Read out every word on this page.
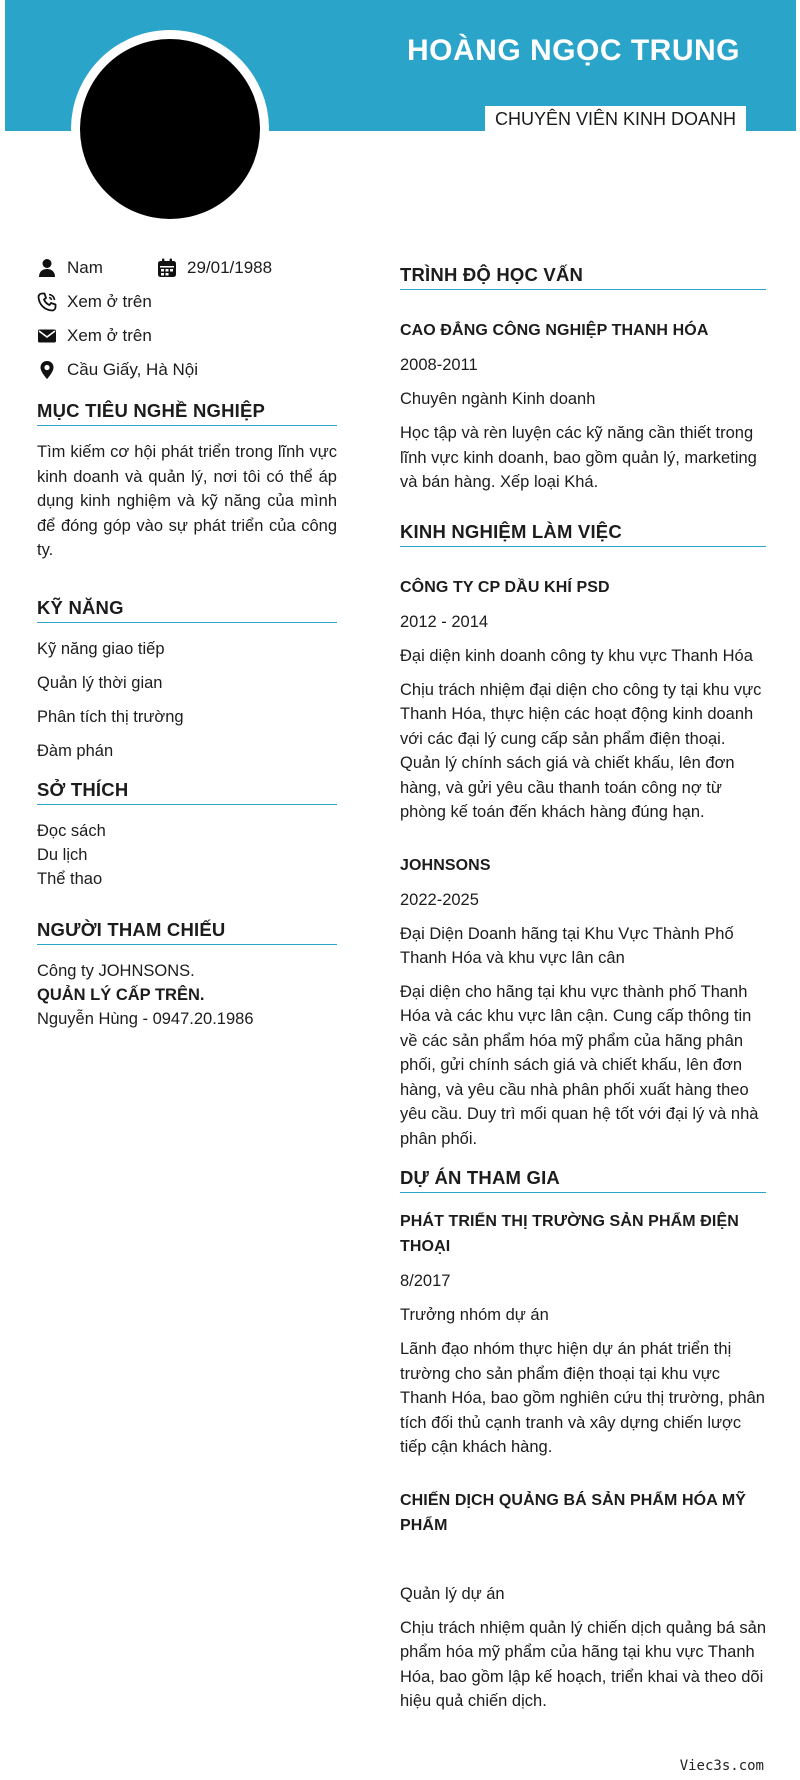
HOÀNG NGỌC TRUNG
CHUYÊN VIÊN KINH DOANH
Nam	29/01/1988
Xem ở trên
Xem ở trên
Cầu Giấy, Hà Nội
MỤC TIÊU NGHỀ NGHIỆP
Tìm kiếm cơ hội phát triển trong lĩnh vực kinh doanh và quản lý, nơi tôi có thể áp dụng kinh nghiệm và kỹ năng của mình để đóng góp vào sự phát triển của công ty.
KỸ NĂNG
Kỹ năng giao tiếp
Quản lý thời gian
Phân tích thị trường
Đàm phán
SỞ THÍCH
Đọc sách
Du lịch
Thể thao
NGƯỜI THAM CHIẾU
Công ty JOHNSONS.
QUẢN LÝ CẤP TRÊN.
Nguyễn Hùng - 0947.20.1986
TRÌNH ĐỘ HỌC VẤN
CAO ĐẲNG CÔNG NGHIỆP THANH HÓA
2008-2011
Chuyên ngành Kinh doanh
Học tập và rèn luyện các kỹ năng cần thiết trong lĩnh vực kinh doanh, bao gồm quản lý, marketing và bán hàng. Xếp loại Khá.
KINH NGHIỆM LÀM VIỆC
CÔNG TY CP DẦU KHÍ PSD
2012 - 2014
Đại diện kinh doanh công ty khu vực Thanh Hóa
Chịu trách nhiệm đại diện cho công ty tại khu vực Thanh Hóa, thực hiện các hoạt động kinh doanh với các đại lý cung cấp sản phẩm điện thoại. Quản lý chính sách giá và chiết khấu, lên đơn hàng, và gửi yêu cầu thanh toán công nợ từ phòng kế toán đến khách hàng đúng hạn.
JOHNSONS
2022-2025
Đại Diện Doanh hãng tại Khu Vực Thành Phố Thanh Hóa và khu vực lân cân
Đại diện cho hãng tại khu vực thành phố Thanh Hóa và các khu vực lân cận. Cung cấp thông tin về các sản phẩm hóa mỹ phẩm của hãng phân phối, gửi chính sách giá và chiết khấu, lên đơn hàng, và yêu cầu nhà phân phối xuất hàng theo yêu cầu. Duy trì mối quan hệ tốt với đại lý và nhà phân phối.
DỰ ÁN THAM GIA
PHÁT TRIỂN THỊ TRƯỜNG SẢN PHẨM ĐIỆN THOẠI
8/2017
Trưởng nhóm dự án
Lãnh đạo nhóm thực hiện dự án phát triển thị trường cho sản phẩm điện thoại tại khu vực Thanh Hóa, bao gồm nghiên cứu thị trường, phân tích đối thủ cạnh tranh và xây dựng chiến lược tiếp cận khách hàng.
CHIẾN DỊCH QUẢNG BÁ SẢN PHẨM HÓA MỸ PHẨM
Quản lý dự án
Chịu trách nhiệm quản lý chiến dịch quảng bá sản phẩm hóa mỹ phẩm của hãng tại khu vực Thanh Hóa, bao gồm lập kế hoạch, triển khai và theo dõi hiệu quả chiến dịch.
Viec3s.com
